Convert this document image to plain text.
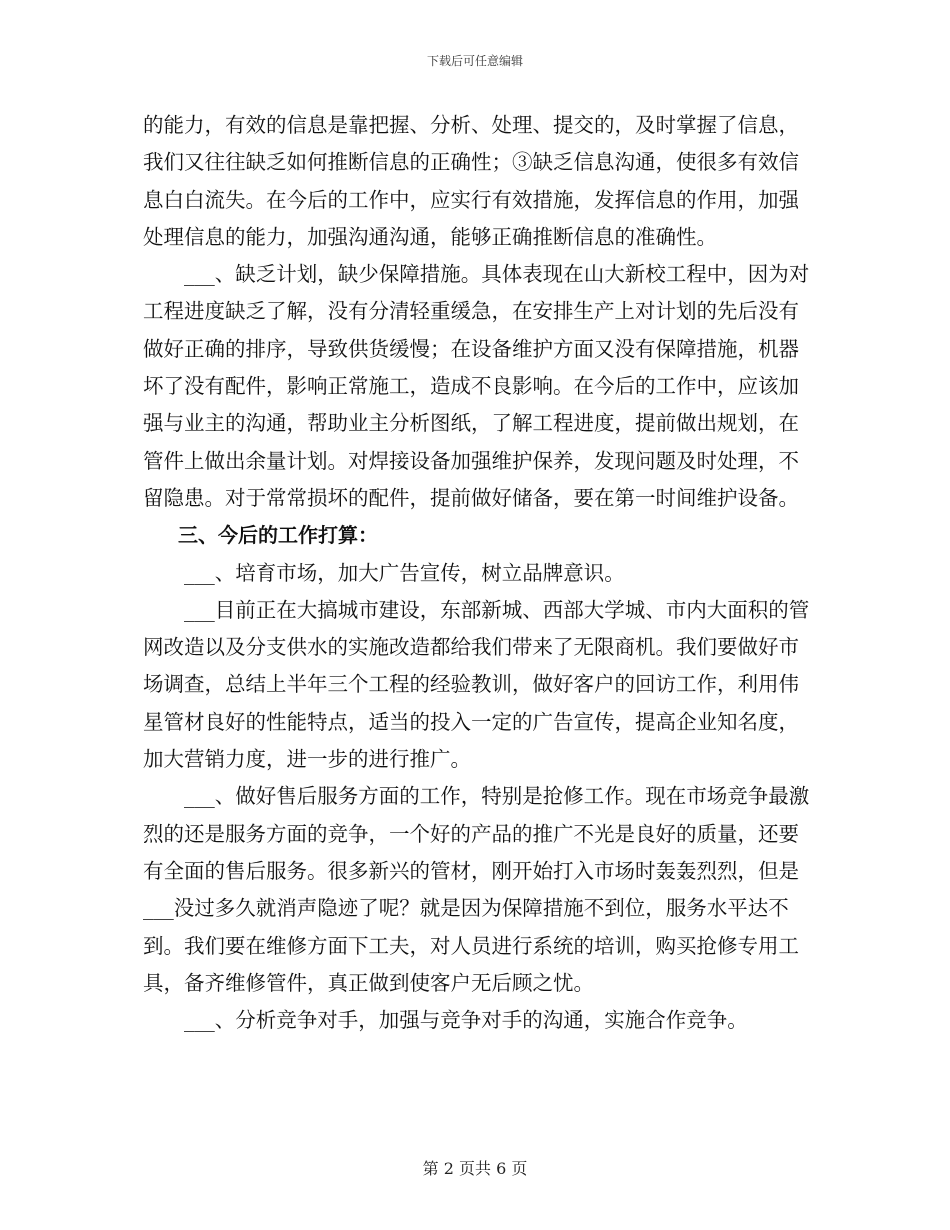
下载后可任意编辑

的能力，有效的信息是靠把握、分析、处理、提交的，及时掌握了信息，我们又往往缺乏如何推断信息的正确性；③缺乏信息沟通，使很多有效信息白白流失。在今后的工作中，应实行有效措施，发挥信息的作用，加强处理信息的能力，加强沟通沟通，能够正确推断信息的准确性。

___、缺乏计划，缺少保障措施。具体表现在山大新校工程中，因为对工程进度缺乏了解，没有分清轻重缓急，在安排生产上对计划的先后没有做好正确的排序，导致供货缓慢；在设备维护方面又没有保障措施，机器坏了没有配件，影响正常施工，造成不良影响。在今后的工作中，应该加强与业主的沟通，帮助业主分析图纸，了解工程进度，提前做出规划，在管件上做出余量计划。对焊接设备加强维护保养，发现问题及时处理，不留隐患。对于常常损坏的配件，提前做好储备，要在第一时间维护设备。

三、今后的工作打算：

___、培育市场，加大广告宣传，树立品牌意识。

___目前正在大搞城市建设，东部新城、西部大学城、市内大面积的管网改造以及分支供水的实施改造都给我们带来了无限商机。我们要做好市场调查，总结上半年三个工程的经验教训，做好客户的回访工作，利用伟星管材良好的性能特点，适当的投入一定的广告宣传，提高企业知名度，加大营销力度，进一步的进行推广。

___、做好售后服务方面的工作，特别是抢修工作。现在市场竞争最激烈的还是服务方面的竞争，一个好的产品的推广不光是良好的质量，还要有全面的售后服务。很多新兴的管材，刚开始打入市场时轰轰烈烈，但是___没过多久就消声隐迹了呢？就是因为保障措施不到位，服务水平达不到。我们要在维修方面下工夫，对人员进行系统的培训，购买抢修专用工具，备齐维修管件，真正做到使客户无后顾之忧。

___、分析竞争对手，加强与竞争对手的沟通，实施合作竞争。

第 2 页共 6 页
